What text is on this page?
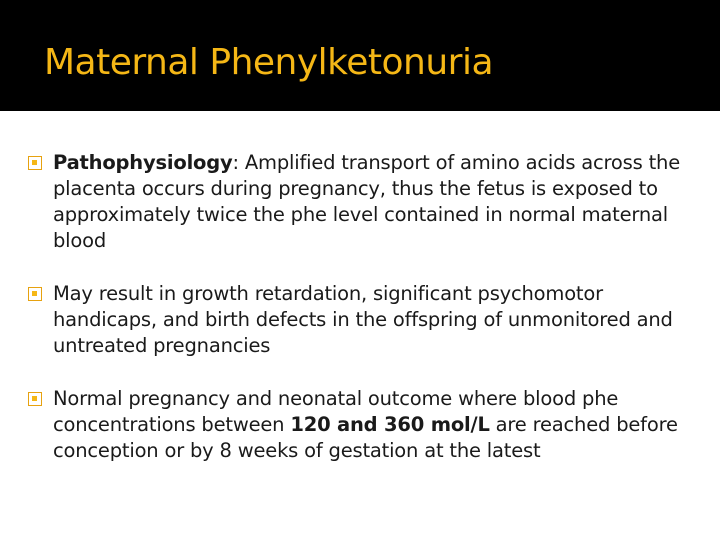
Maternal Phenylketonuria
Pathophysiology: Amplified transport of amino acids across the placenta occurs during pregnancy, thus the fetus is exposed to approximately twice the phe level contained in normal maternal blood
May result in growth retardation, significant psychomotor handicaps, and birth defects in the offspring of unmonitored and untreated pregnancies
Normal pregnancy and neonatal outcome where blood phe concentrations between 120 and 360 mol/L are reached before conception or by 8 weeks of gestation at the latest
